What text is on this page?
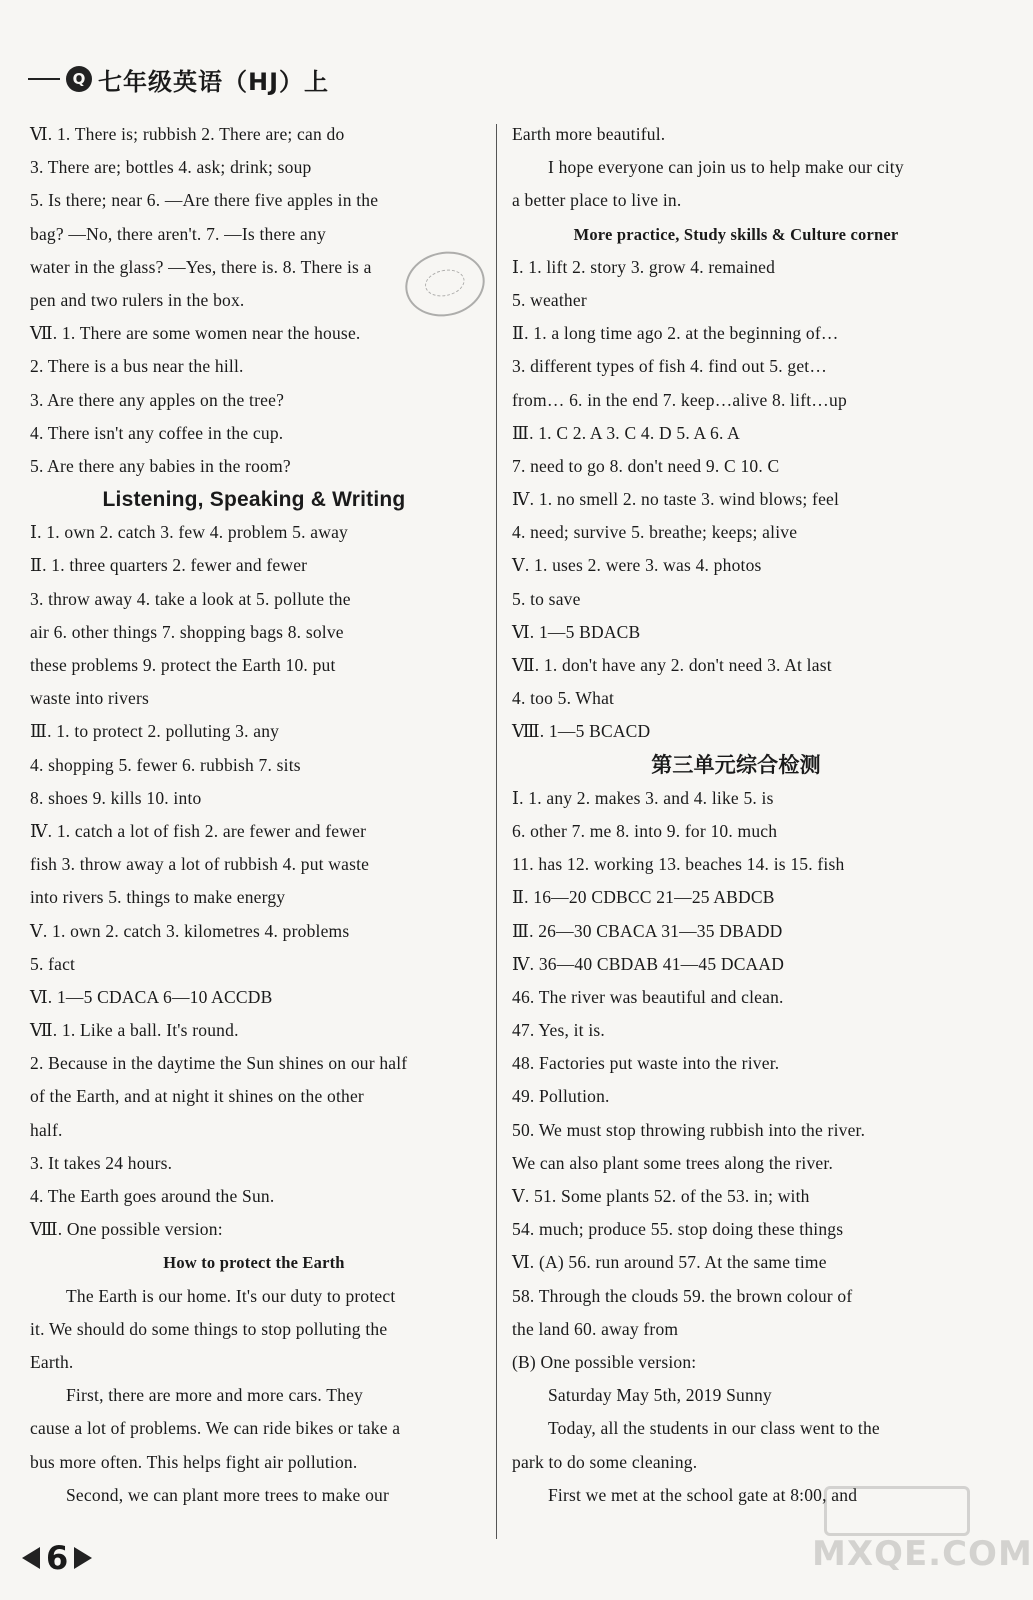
Q 七年级英语（HJ）上
Ⅵ. 1. There is; rubbish 2. There are; can do
3. There are; bottles 4. ask; drink; soup
5. Is there; near 6. —Are there five apples in the
bag? —No, there aren't. 7. —Is there any
water in the glass? —Yes, there is. 8. There is a
pen and two rulers in the box.
Ⅶ. 1. There are some women near the house.
2. There is a bus near the hill.
3. Are there any apples on the tree?
4. There isn't any coffee in the cup.
5. Are there any babies in the room?
Listening, Speaking & Writing
Ⅰ. 1. own 2. catch 3. few 4. problem 5. away
Ⅱ. 1. three quarters 2. fewer and fewer
3. throw away 4. take a look at 5. pollute the
air 6. other things 7. shopping bags 8. solve
these problems 9. protect the Earth 10. put
waste into rivers
Ⅲ. 1. to protect 2. polluting 3. any
4. shopping 5. fewer 6. rubbish 7. sits
8. shoes 9. kills 10. into
Ⅳ. 1. catch a lot of fish 2. are fewer and fewer
fish 3. throw away a lot of rubbish 4. put waste
into rivers 5. things to make energy
Ⅴ. 1. own 2. catch 3. kilometres 4. problems
5. fact
Ⅵ. 1—5 CDACA 6—10 ACCDB
Ⅶ. 1. Like a ball. It's round.
2. Because in the daytime the Sun shines on our half
of the Earth, and at night it shines on the other
half.
3. It takes 24 hours.
4. The Earth goes around the Sun.
Ⅷ. One possible version:
How to protect the Earth
The Earth is our home. It's our duty to protect
it. We should do some things to stop polluting the
Earth.
First, there are more and more cars. They
cause a lot of problems. We can ride bikes or take a
bus more often. This helps fight air pollution.
Second, we can plant more trees to make our
Earth more beautiful.
I hope everyone can join us to help make our city
a better place to live in.
More practice, Study skills & Culture corner
Ⅰ. 1. lift 2. story 3. grow 4. remained
5. weather
Ⅱ. 1. a long time ago 2. at the beginning of…
3. different types of fish 4. find out 5. get…
from… 6. in the end 7. keep…alive 8. lift…up
Ⅲ. 1. C 2. A 3. C 4. D 5. A 6. A
7. need to go 8. don't need 9. C 10. C
Ⅳ. 1. no smell 2. no taste 3. wind blows; feel
4. need; survive 5. breathe; keeps; alive
Ⅴ. 1. uses 2. were 3. was 4. photos
5. to save
Ⅵ. 1—5 BDACB
Ⅶ. 1. don't have any 2. don't need 3. At last
4. too 5. What
Ⅷ. 1—5 BCACD
第三单元综合检测
Ⅰ. 1. any 2. makes 3. and 4. like 5. is
6. other 7. me 8. into 9. for 10. much
11. has 12. working 13. beaches 14. is 15. fish
Ⅱ. 16—20 CDBCC 21—25 ABDCB
Ⅲ. 26—30 CBACA 31—35 DBADD
Ⅳ. 36—40 CBDAB 41—45 DCAAD
46. The river was beautiful and clean.
47. Yes, it is.
48. Factories put waste into the river.
49. Pollution.
50. We must stop throwing rubbish into the river.
We can also plant some trees along the river.
Ⅴ. 51. Some plants 52. of the 53. in; with
54. much; produce 55. stop doing these things
Ⅵ. (A) 56. run around 57. At the same time
58. Through the clouds 59. the brown colour of
the land 60. away from
(B) One possible version:
Saturday May 5th, 2019 Sunny
Today, all the students in our class went to the
park to do some cleaning.
First we met at the school gate at 8:00, and
6	MXQE.COM
